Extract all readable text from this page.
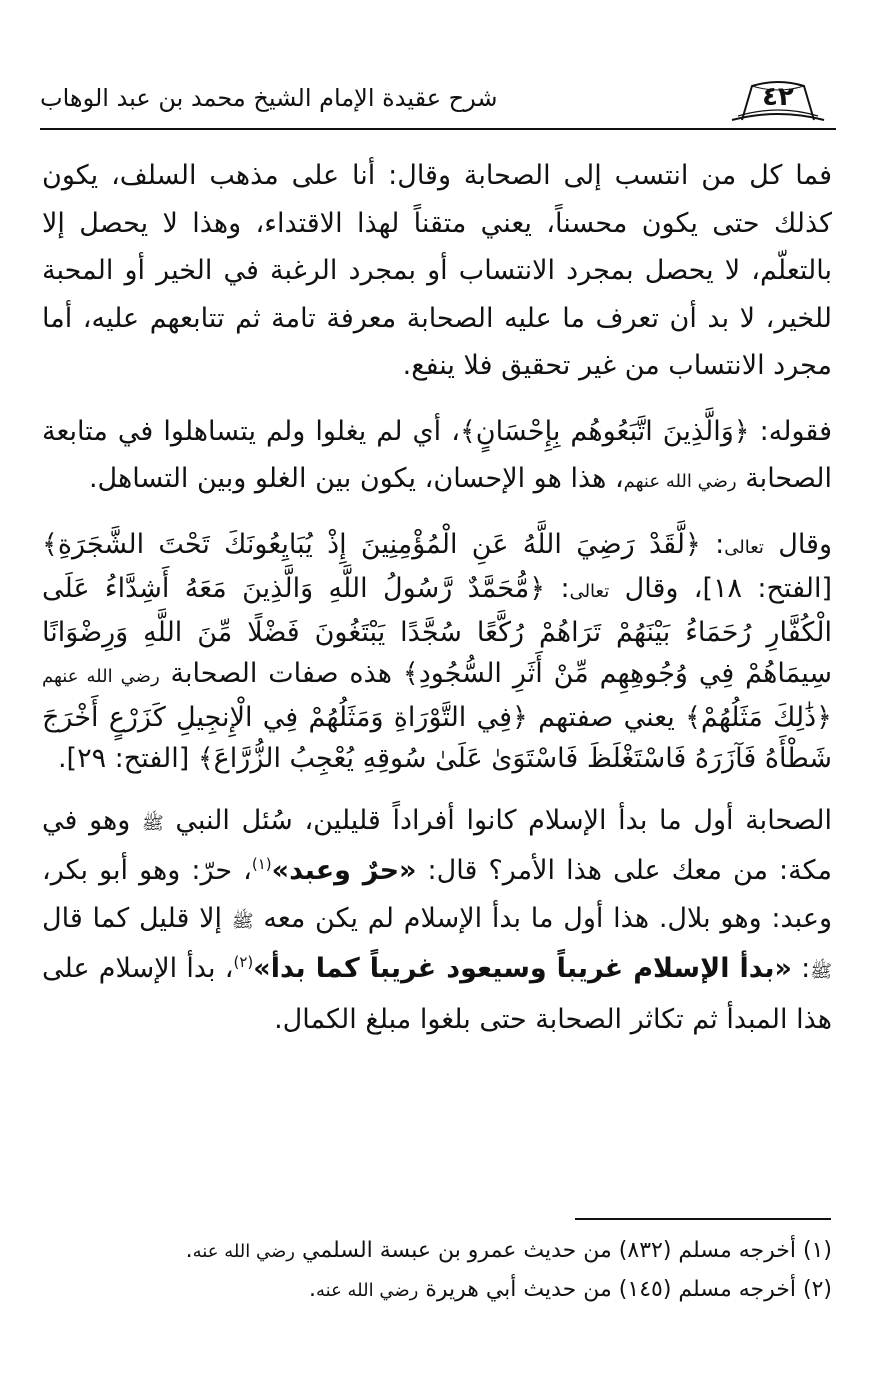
شرح عقيدة الإمام الشيخ محمد بن عبد الوهاب	٤٢

فما كل من انتسب إلى الصحابة وقال: أنا على مذهب السلف، يكون كذلك حتى يكون محسناً، يعني متقناً لهذا الاقتداء، وهذا لا يحصل إلا بالتعلّم، لا يحصل بمجرد الانتساب أو بمجرد الرغبة في الخير أو المحبة للخير، لا بد أن تعرف ما عليه الصحابة معرفة تامة ثم تتابعهم عليه، أما مجرد الانتساب من غير تحقيق فلا ينفع.

فقوله: ﴿وَالَّذِينَ اتَّبَعُوهُم بِإِحْسَانٍ﴾، أي لم يغلوا ولم يتساهلوا في متابعة الصحابة رضي الله عنهم، هذا هو الإحسان، يكون بين الغلو وبين التساهل.

وقال تعالى: ﴿لَّقَدْ رَضِيَ اللَّهُ عَنِ الْمُؤْمِنِينَ إِذْ يُبَايِعُونَكَ تَحْتَ الشَّجَرَةِ﴾ [الفتح: ١٨]، وقال تعالى: ﴿مُّحَمَّدٌ رَّسُولُ اللَّهِ وَالَّذِينَ مَعَهُ أَشِدَّاءُ عَلَى الْكُفَّارِ رُحَمَاءُ بَيْنَهُمْ تَرَاهُمْ رُكَّعًا سُجَّدًا يَبْتَغُونَ فَضْلًا مِّنَ اللَّهِ وَرِضْوَانًا سِيمَاهُمْ فِي وُجُوهِهِم مِّنْ أَثَرِ السُّجُودِ﴾ هذه صفات الصحابة رضي الله عنهم ﴿ذَٰلِكَ مَثَلُهُمْ﴾ يعني صفتهم ﴿فِي التَّوْرَاةِ وَمَثَلُهُمْ فِي الْإِنجِيلِ كَزَرْعٍ أَخْرَجَ شَطْأَهُ فَآزَرَهُ فَاسْتَغْلَظَ فَاسْتَوَىٰ عَلَىٰ سُوقِهِ يُعْجِبُ الزُّرَّاعَ﴾ [الفتح: ٢٩].

الصحابة أول ما بدأ الإسلام كانوا أفراداً قليلين، سُئل النبي ﷺ وهو في مكة: من معك على هذا الأمر؟ قال: «حرٌ وعبد»$^{(١)}$، حرّ: وهو أبو بكر، وعبد: وهو بلال. هذا أول ما بدأ الإسلام لم يكن معه ﷺ إلا قليل كما قال ﷺ: «بدأ الإسلام غريباً وسيعود غريباً كما بدأ»$^{(٢)}$، بدأ الإسلام على هذا المبدأ ثم تكاثر الصحابة حتى بلغوا مبلغ الكمال.

(١) أخرجه مسلم (٨٣٢) من حديث عمرو بن عبسة السلمي رضي الله عنه.

(٢) أخرجه مسلم (١٤٥) من حديث أبي هريرة رضي الله عنه.
